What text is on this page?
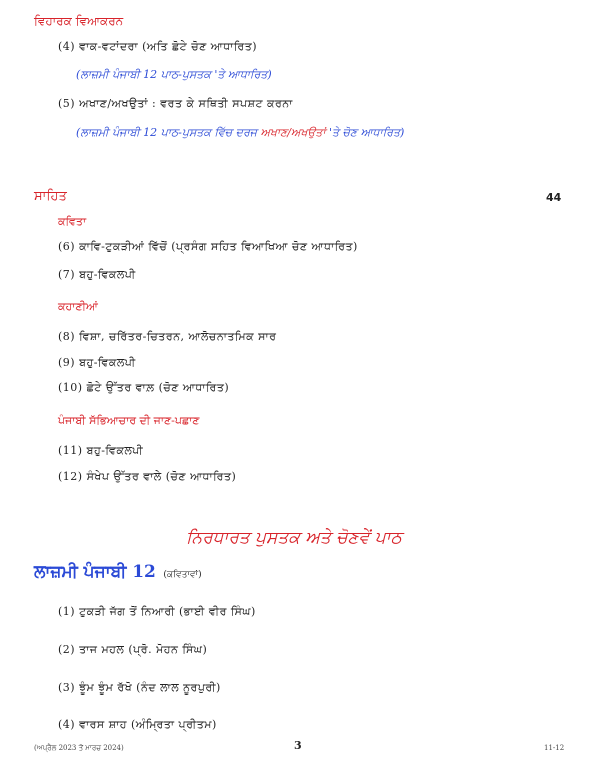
ਵਿਹਾਰਕ ਵਿਆਕਰਨ
(4) ਵਾਕ-ਵਟਾਂਦਰਾ (ਅਤਿ ਛੋਟੇ ਚੋਣ ਆਧਾਰਿਤ)
(ਲਾਜ਼ਮੀ ਪੰਜਾਬੀ 12 ਪਾਠ-ਪੁਸਤਕ 'ਤੇ ਆਧਾਰਿਤ)
(5) ਅਖਾਣ/ਅਖਉਤਾਂ : ਵਰਤ ਕੇ ਸਥਿਤੀ ਸਪਸ਼ਟ ਕਰਨਾ
(ਲਾਜ਼ਮੀ ਪੰਜਾਬੀ 12 ਪਾਠ-ਪੁਸਤਕ ਵਿੱਚ ਦਰਜ ਅਖਾਣ/ਅਖਉਤਾਂ 'ਤੇ ਚੋਣ ਆਧਾਰਿਤ)
ਸਾਹਿਤ	44
ਕਵਿਤਾ
(6) ਕਾਵਿ-ਟੁਕੜੀਆਂ ਵਿੱਚੋਂ (ਪ੍ਰਸੰਗ ਸਹਿਤ ਵਿਆਖਿਆ ਚੋਣ ਆਧਾਰਿਤ)
(7) ਬਹੁ-ਵਿਕਲਪੀ
ਕਹਾਣੀਆਂ
(8) ਵਿਸ਼ਾ, ਚਰਿੱਤਰ-ਚਿਤਰਨ, ਆਲੋਚਨਾਤਮਿਕ ਸਾਰ
(9) ਬਹੁ-ਵਿਕਲਪੀ
(10) ਛੋਟੇ ਉੱਤਰ ਵਾਲ਼ (ਚੋਣ ਆਧਾਰਿਤ)
ਪੰਜਾਬੀ ਸੱਭਿਆਚਾਰ ਦੀ ਜਾਣ-ਪਛਾਣ
(11) ਬਹੁ-ਵਿਕਲਪੀ
(12) ਸੰਖੇਪ ਉੱਤਰ ਵਾਲੇ (ਚੋਣ ਆਧਾਰਿਤ)
ਨਿਰਧਾਰਤ ਪੁਸਤਕ ਅਤੇ ਚੋਣਵੇਂ ਪਾਠ
ਲਾਜ਼ਮੀ ਪੰਜਾਬੀ 12 (ਕਵਿਤਾਵਾਂ)
(1) ਟੁਕੜੀ ਜੱਗ ਤੋਂ ਨਿਆਰੀ (ਭਾਈ ਵੀਰ ਸਿੰਘ)
(2) ਤਾਜ ਮਹਲ (ਪ੍ਰੋ. ਮੋਹਨ ਸਿੰਘ)
(3) ਝੂੰਮ ਝੂੰਮ ਰੱਖੋ (ਨੰਦ ਲਾਲ ਨੂਰਪੁਰੀ)
(4) ਵਾਰਸ ਸ਼ਾਹ (ਅੰਮ੍ਰਿਤਾ ਪ੍ਰੀਤਮ)
(ਅਪ੍ਰੈਲ 2023 ਤੋਂ ਮਾਰਚ 2024)	3	11-12
